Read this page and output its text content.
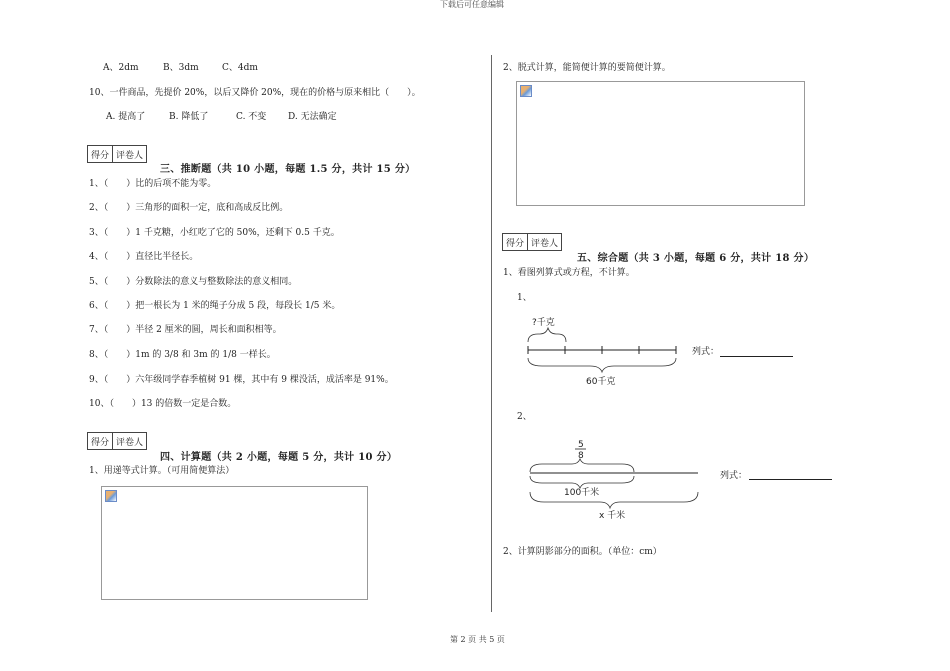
下载后可任意编辑
A、2dm	B、3dm	C、4dm
10、一件商品，先提价 20%，以后又降价 20%，现在的价格与原来相比（　　）。
A. 提高了	B. 降低了	C. 不变 D. 无法确定
得分 评卷人
三、推断题（共 10 小题，每题 1.5 分，共计 15 分）
1、（　　）比的后项不能为零。
2、（　　）三角形的面积一定，底和高成反比例。
3、（　　）1 千克糖，小红吃了它的 50%，还剩下 0.5 千克。
4、（　　）直径比半径长。
5、（　　）分数除法的意义与整数除法的意义相同。
6、（　　）把一根长为 1 米的绳子分成 5 段，每段长 1/5 米。
7、（　　）半径 2 厘米的圆，周长和面积相等。
8、（　　）1m 的 3/8 和 3m 的 1/8 一样长。
9、（　　）六年级同学春季植树 91 棵，其中有 9 棵没活，成活率是 91%。
10、（　　）13 的倍数一定是合数。
得分 评卷人
四、计算题（共 2 小题，每题 5 分，共计 10 分）
1、用递等式计算。（可用简便算法）
2、脱式计算，能简便计算的要简便计算。
得分 评卷人
五、综合题（共 3 小题，每题 6 分，共计 18 分）
1、看图列算式或方程，不计算。
1、
?千克
60千克
列式：
2、
5
8
100千米
x 千米
列式：
2、计算阴影部分的面积。（单位：cm）
第 2 页 共 5 页
